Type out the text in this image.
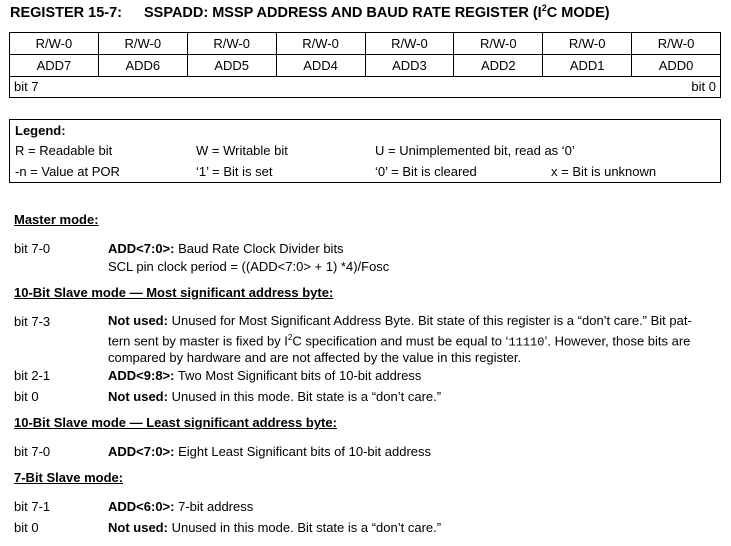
REGISTER 15-7: SSPADD: MSSP ADDRESS AND BAUD RATE REGISTER ($I^2C$ MODE)
R/W-0	R/W-0	R/W-0	R/W-0	R/W-0	R/W-0	R/W-0	R/W-0
ADD7	ADD6	ADD5	ADD4	ADD3	ADD2	ADD1	ADD0
bit 7	bit 0
Legend:
R = Readable bit	W = Writable bit	U = Unimplemented bit, read as ‘0’
-n = Value at POR	‘1’ = Bit is set	‘0’ = Bit is cleared	x = Bit is unknown
Master mode:
bit 7-0	ADD<7:0>: Baud Rate Clock Divider bits
SCL pin clock period = ((ADD<7:0> + 1) *4)/Fosc
10-Bit Slave mode — Most significant address byte:
bit 7-3	Not used: Unused for Most Significant Address Byte. Bit state of this register is a “don’t care.” Bit pat-
tern sent by master is fixed by $I^2C$ specification and must be equal to ‘11110’. However, those bits are
compared by hardware and are not affected by the value in this register.
bit 2-1	ADD<9:8>: Two Most Significant bits of 10-bit address
bit 0	Not used: Unused in this mode. Bit state is a “don’t care.”
10-Bit Slave mode — Least significant address byte:
bit 7-0	ADD<7:0>: Eight Least Significant bits of 10-bit address
7-Bit Slave mode:
bit 7-1	ADD<6:0>: 7-bit address
bit 0	Not used: Unused in this mode. Bit state is a “don’t care.”
